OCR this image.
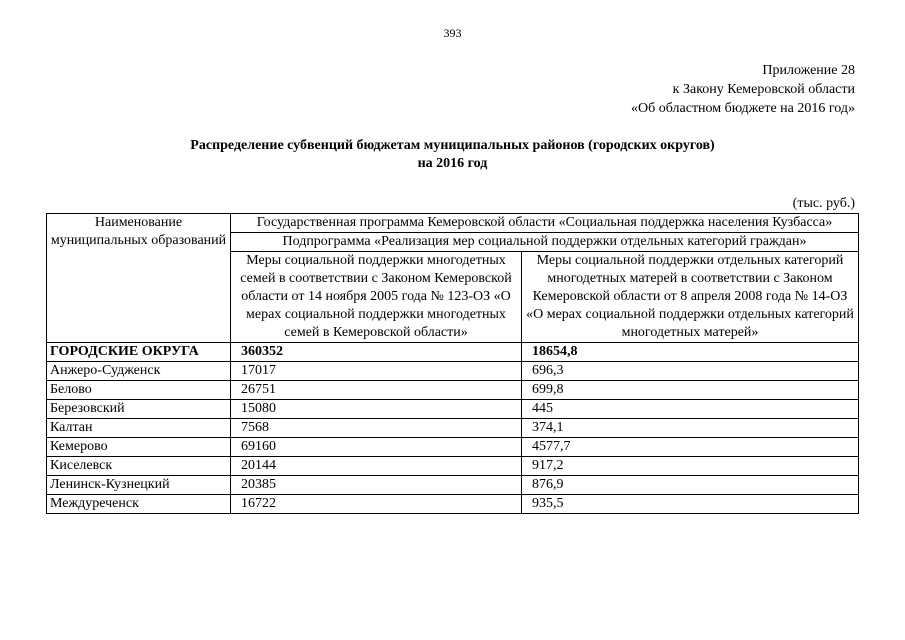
393
Приложение 28
к Закону Кемеровской области
«Об областном бюджете на 2016 год»
Распределение субвенций бюджетам муниципальных районов (городских округов)
на 2016 год
(тыс. руб.)
Наименование муниципальных образований	Государственная программа Кемеровской области «Социальная поддержка населения Кузбасса»	
	Подпрограмма «Реализация мер социальной поддержки отдельных категорий граждан»	
	Меры социальной поддержки многодетных семей в соответствии с Законом Кемеровской области от 14 ноября 2005 года № 123-ОЗ «О мерах социальной поддержки многодетных семей в Кемеровской области»	Меры социальной поддержки отдельных категорий многодетных матерей в соответствии с Законом Кемеровской области от 8 апреля 2008 года № 14-ОЗ «О мерах социальной поддержки отдельных категорий многодетных матерей»
ГОРОДСКИЕ ОКРУГА	360352	18654,8
Анжеро-Судженск	17017	696,3
Белово	26751	699,8
Березовский	15080	445
Калтан	7568	374,1
Кемерово	69160	4577,7
Киселевск	20144	917,2
Ленинск-Кузнецкий	20385	876,9
Междуреченск	16722	935,5
